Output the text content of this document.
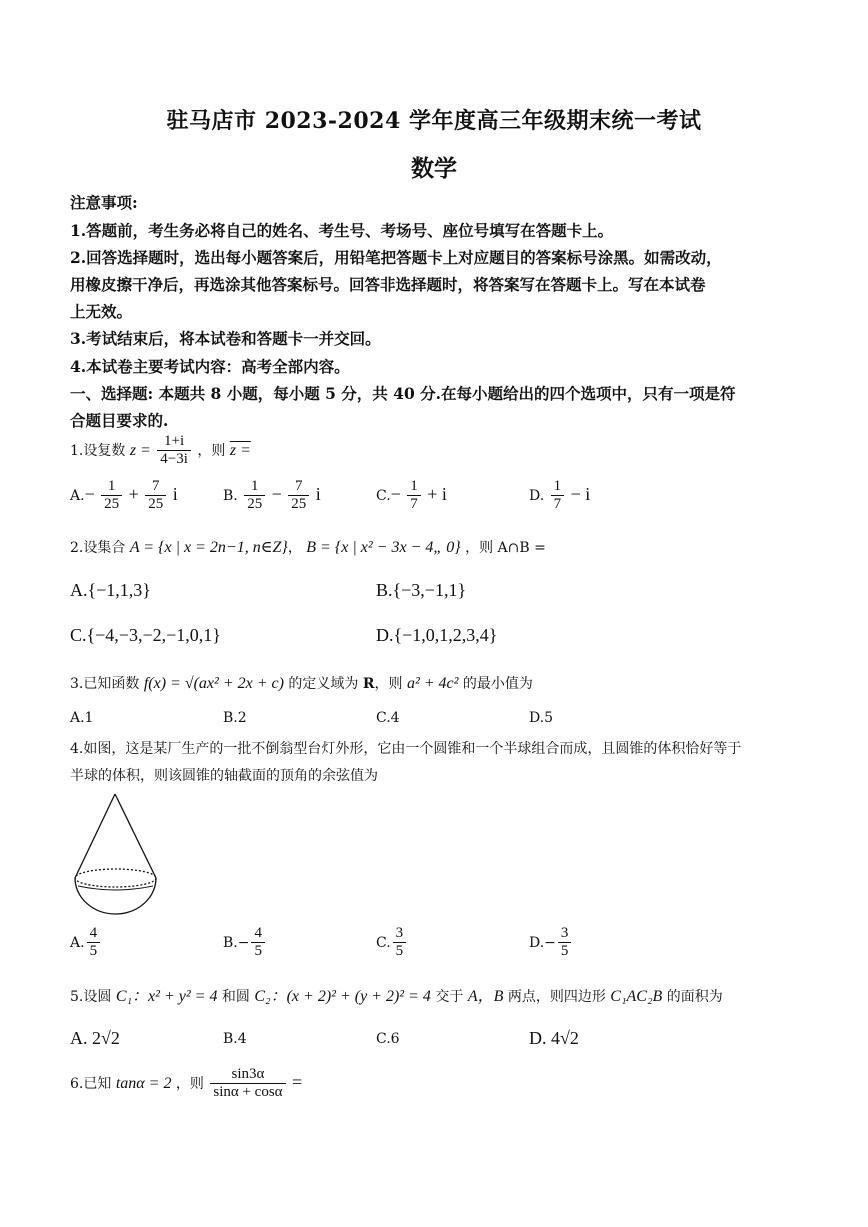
驻马店市 2023-2024 学年度高三年级期末统一考试
数学
注意事项:
1.答题前，考生务必将自己的姓名、考生号、考场号、座位号填写在答题卡上。
2.回答选择题时，选出每小题答案后，用铅笔把答题卡上对应题目的答案标号涂黑。如需改动，
用橡皮擦干净后，再选涂其他答案标号。回答非选择题时，将答案写在答题卡上。写在本试卷
上无效。
3.考试结束后，将本试卷和答题卡一并交回。
4.本试卷主要考试内容：高考全部内容。
一、选择题: 本题共 8 小题，每小题 5 分，共 40 分.在每小题给出的四个选项中，只有一项是符
合题目要求的.
1.设复数 $z = \frac{1+i}{4-3i}$ ，则 z =
$A.- \frac{1}{25} + \frac{7}{25}$ i	B. $\frac{1}{25} - \frac{7}{25}$ i	$C.- \frac{1}{7} + i$	D. $\frac{1}{7} - i$
2.设集合 A = {x | x = 2n−1, n∈Z}， B = {x | x² − 3x − 4„ 0} ，则 A∩B =
A.{−1,1,3}	B.{−3,−1,1}
C.{−4,−3,−2,−1,0,1}	D.{−1,0,1,2,3,4}
3.已知函数 f(x) = √(ax² + 2x + c) 的定义域为 R，则 a² + 4c² 的最小值为
A.1	B.2	C.4	D.5
4.如图，这是某厂生产的一批不倒翁型台灯外形，它由一个圆锥和一个半球组合而成，且圆锥的体积恰好等于
半球的体积，则该圆锥的轴截面的顶角的余弦值为
A. $\frac{4}{5}$	$B.- \frac{4}{5}$	C. $\frac{3}{5}$	$D.- \frac{3}{5}$
5.设圆 C₁：x² + y² = 4 和圆 C₂：(x + 2)² + (y + 2)² = 4 交于 A，B 两点，则四边形 C₁AC₂B 的面积为
A. 2√2	B.4	C.6	D. 4√2
6.已知 tanα = 2 ，则 $\frac{\sin 3\alpha}{\sin\alpha + \cos\alpha}$ =
